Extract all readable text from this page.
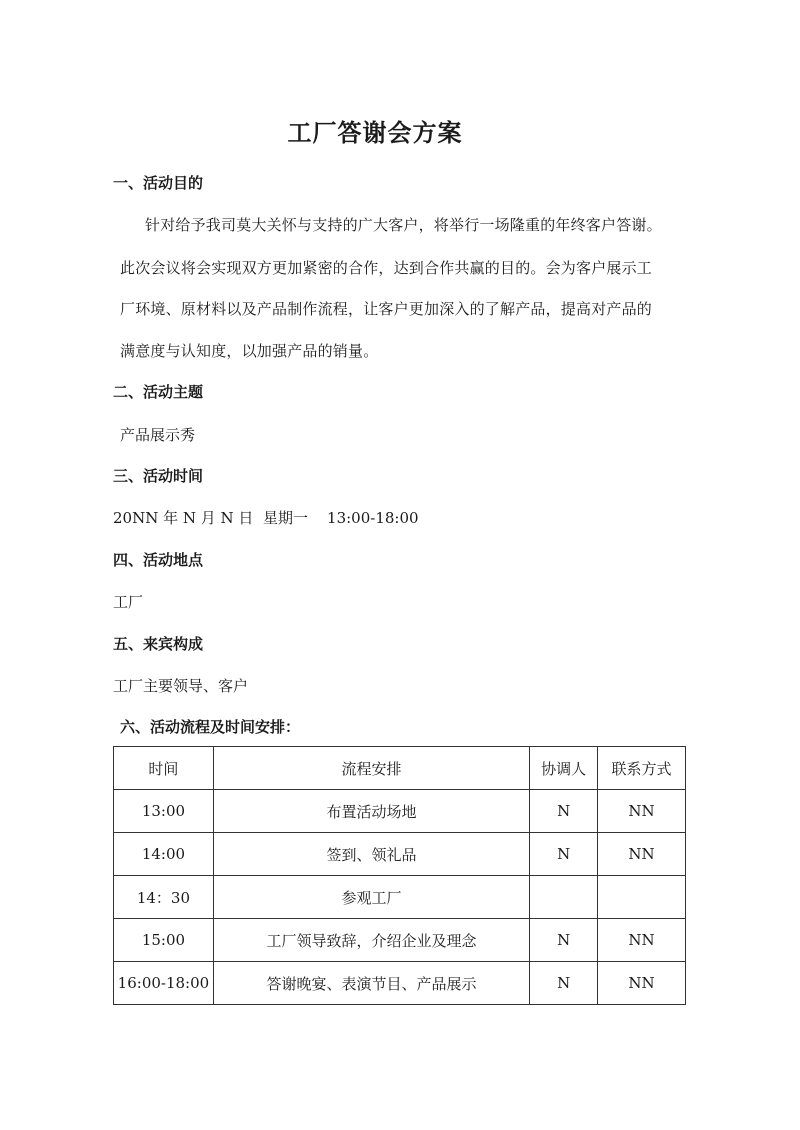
工厂答谢会方案
一、活动目的
针对给予我司莫大关怀与支持的广大客户，将举行一场隆重的年终客户答谢。
此次会议将会实现双方更加紧密的合作，达到合作共赢的目的。会为客户展示工
厂环境、原材料以及产品制作流程，让客户更加深入的了解产品，提高对产品的
满意度与认知度，以加强产品的销量。
二、活动主题
产品展示秀
三、活动时间
20NN 年 N 月 N 日  星期一    13:00-18:00
四、活动地点
工厂
五、来宾构成
工厂主要领导、客户
六、活动流程及时间安排：
时间	流程安排	协调人	联系方式
13:00	布置活动场地	N	NN
14:00	签到、领礼品	N	NN
14：30	参观工厂		
15:00	工厂领导致辞，介绍企业及理念	N	NN
16:00-18:00	答谢晚宴、表演节目、产品展示	N	NN
